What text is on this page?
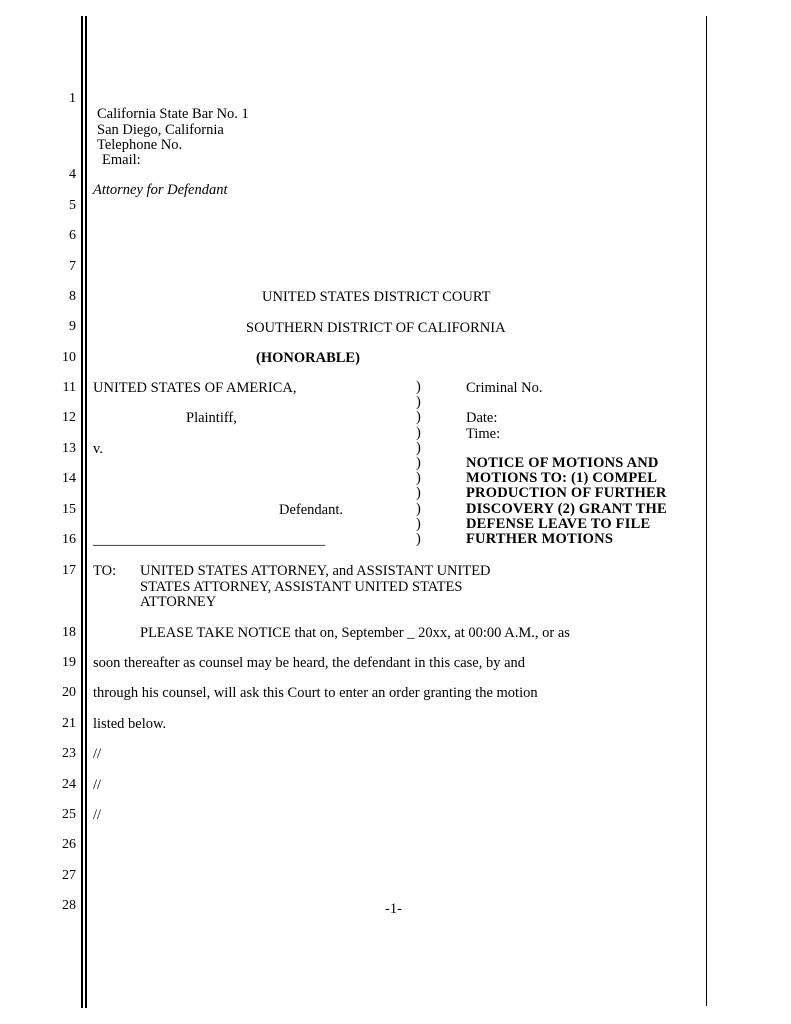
1
4
5
6
7
8
9
10
11
12
13
14
15
16
17
18
19
20
21
23
24
25
26
27
28
California State Bar No. 1
San Diego, California
Telephone No.
Email:
Attorney for Defendant
UNITED STATES DISTRICT COURT
SOUTHERN DISTRICT OF CALIFORNIA
(HONORABLE)
UNITED STATES OF AMERICA,
Plaintiff,
v.
Defendant.
________________________________
)
)
)
)
)
)
)
)
)
)
)
Criminal No.
Date:
Time:
NOTICE OF MOTIONS AND
MOTIONS TO: (1) COMPEL
PRODUCTION OF FURTHER
DISCOVERY (2) GRANT THE
DEFENSE LEAVE TO FILE
FURTHER MOTIONS
TO: UNITED STATES ATTORNEY, and ASSISTANT UNITED
STATES ATTORNEY, ASSISTANT UNITED STATES
ATTORNEY
PLEASE TAKE NOTICE that on, September _ 20xx, at 00:00 A.M., or as
soon thereafter as counsel may be heard, the defendant in this case, by and
through his counsel, will ask this Court to enter an order granting the motion
listed below.
//
//
//
-1-
